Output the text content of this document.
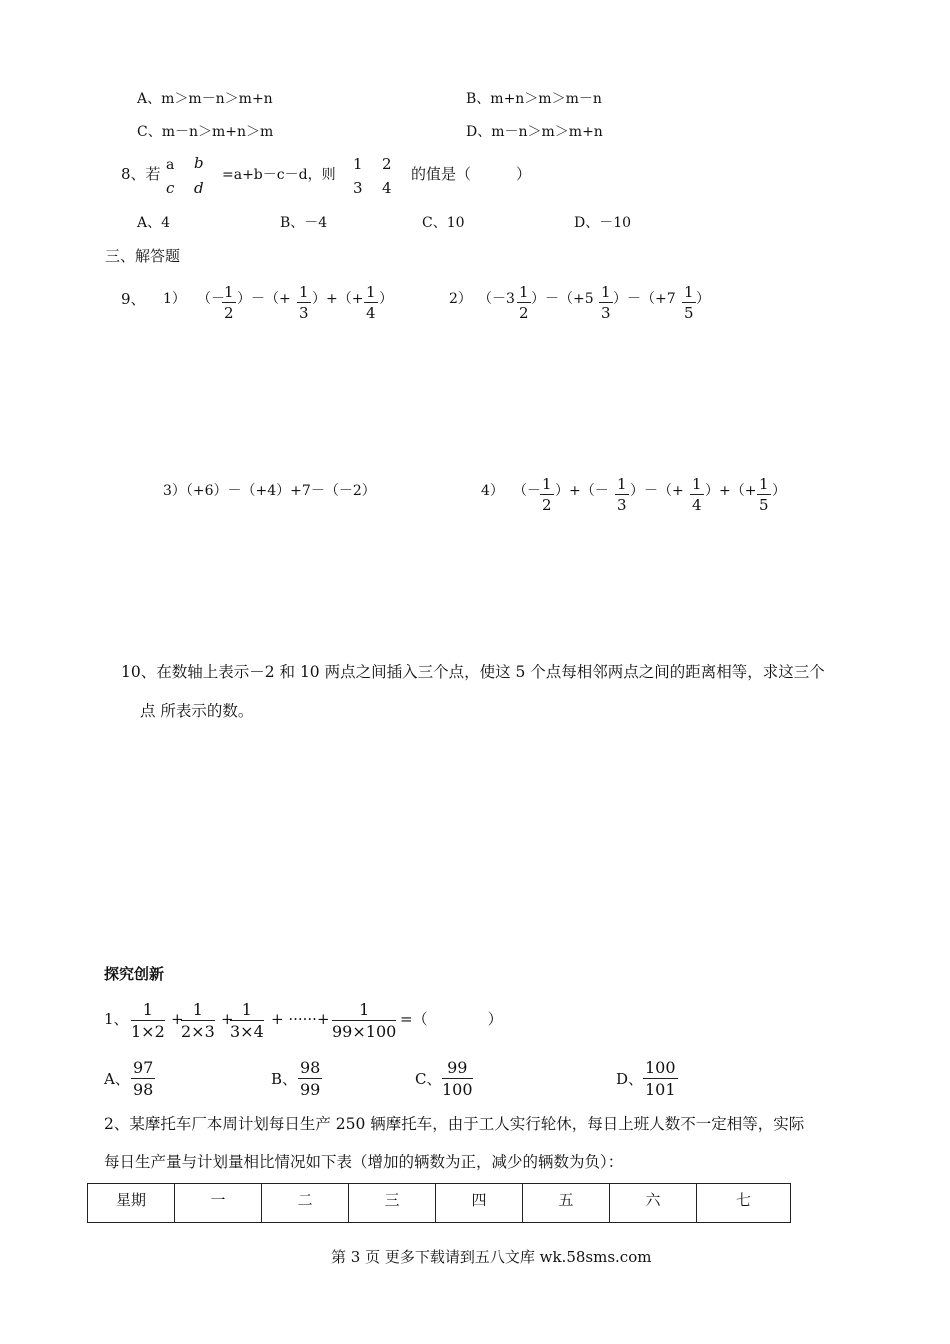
A、m＞m－n＞m+n	B、m+n＞m＞m－n
C、m－n＞m+n＞m	D、m－n＞m＞m+n
8、若 a b
c d
=a+b－c－d，则
1 2
3 4
的值是（　　　）
A、4	B、－4	C、10	D、－10
三、解答题
9、 1） （－ 1
2
）－（+ 1
3
）+（+ 1
4
）	2） （－3 1
2
）－（+5 1
3
）－（+7 1
5
）
3）（+6）－（+4）+7－（－2）	4） （－ 1
2
）+（－ 1
3
）－（+ 1
4
）+（+ 1
5
）
10、在数轴上表示－2 和 10 两点之间插入三个点，使这 5 个点每相邻两点之间的距离相等，求这三个
点 所表示的数。
探究创新
1、 1
1×2
+ 1
2×3
+ 1
3×4
+ ······+ 1
99×100
=（　　　　）
A、
97
98
B、
98
99
C、
99
100
D、
100
101
2、某摩托车厂本周计划每日生产 250 辆摩托车，由于工人实行轮休，每日上班人数不一定相等，实际
每日生产量与计划量相比情况如下表（增加的辆数为正，减少的辆数为负）：
星期	一	二	三	四	五	六	七
第 3 页 更多下载请到五八文库 wk.58sms.com
